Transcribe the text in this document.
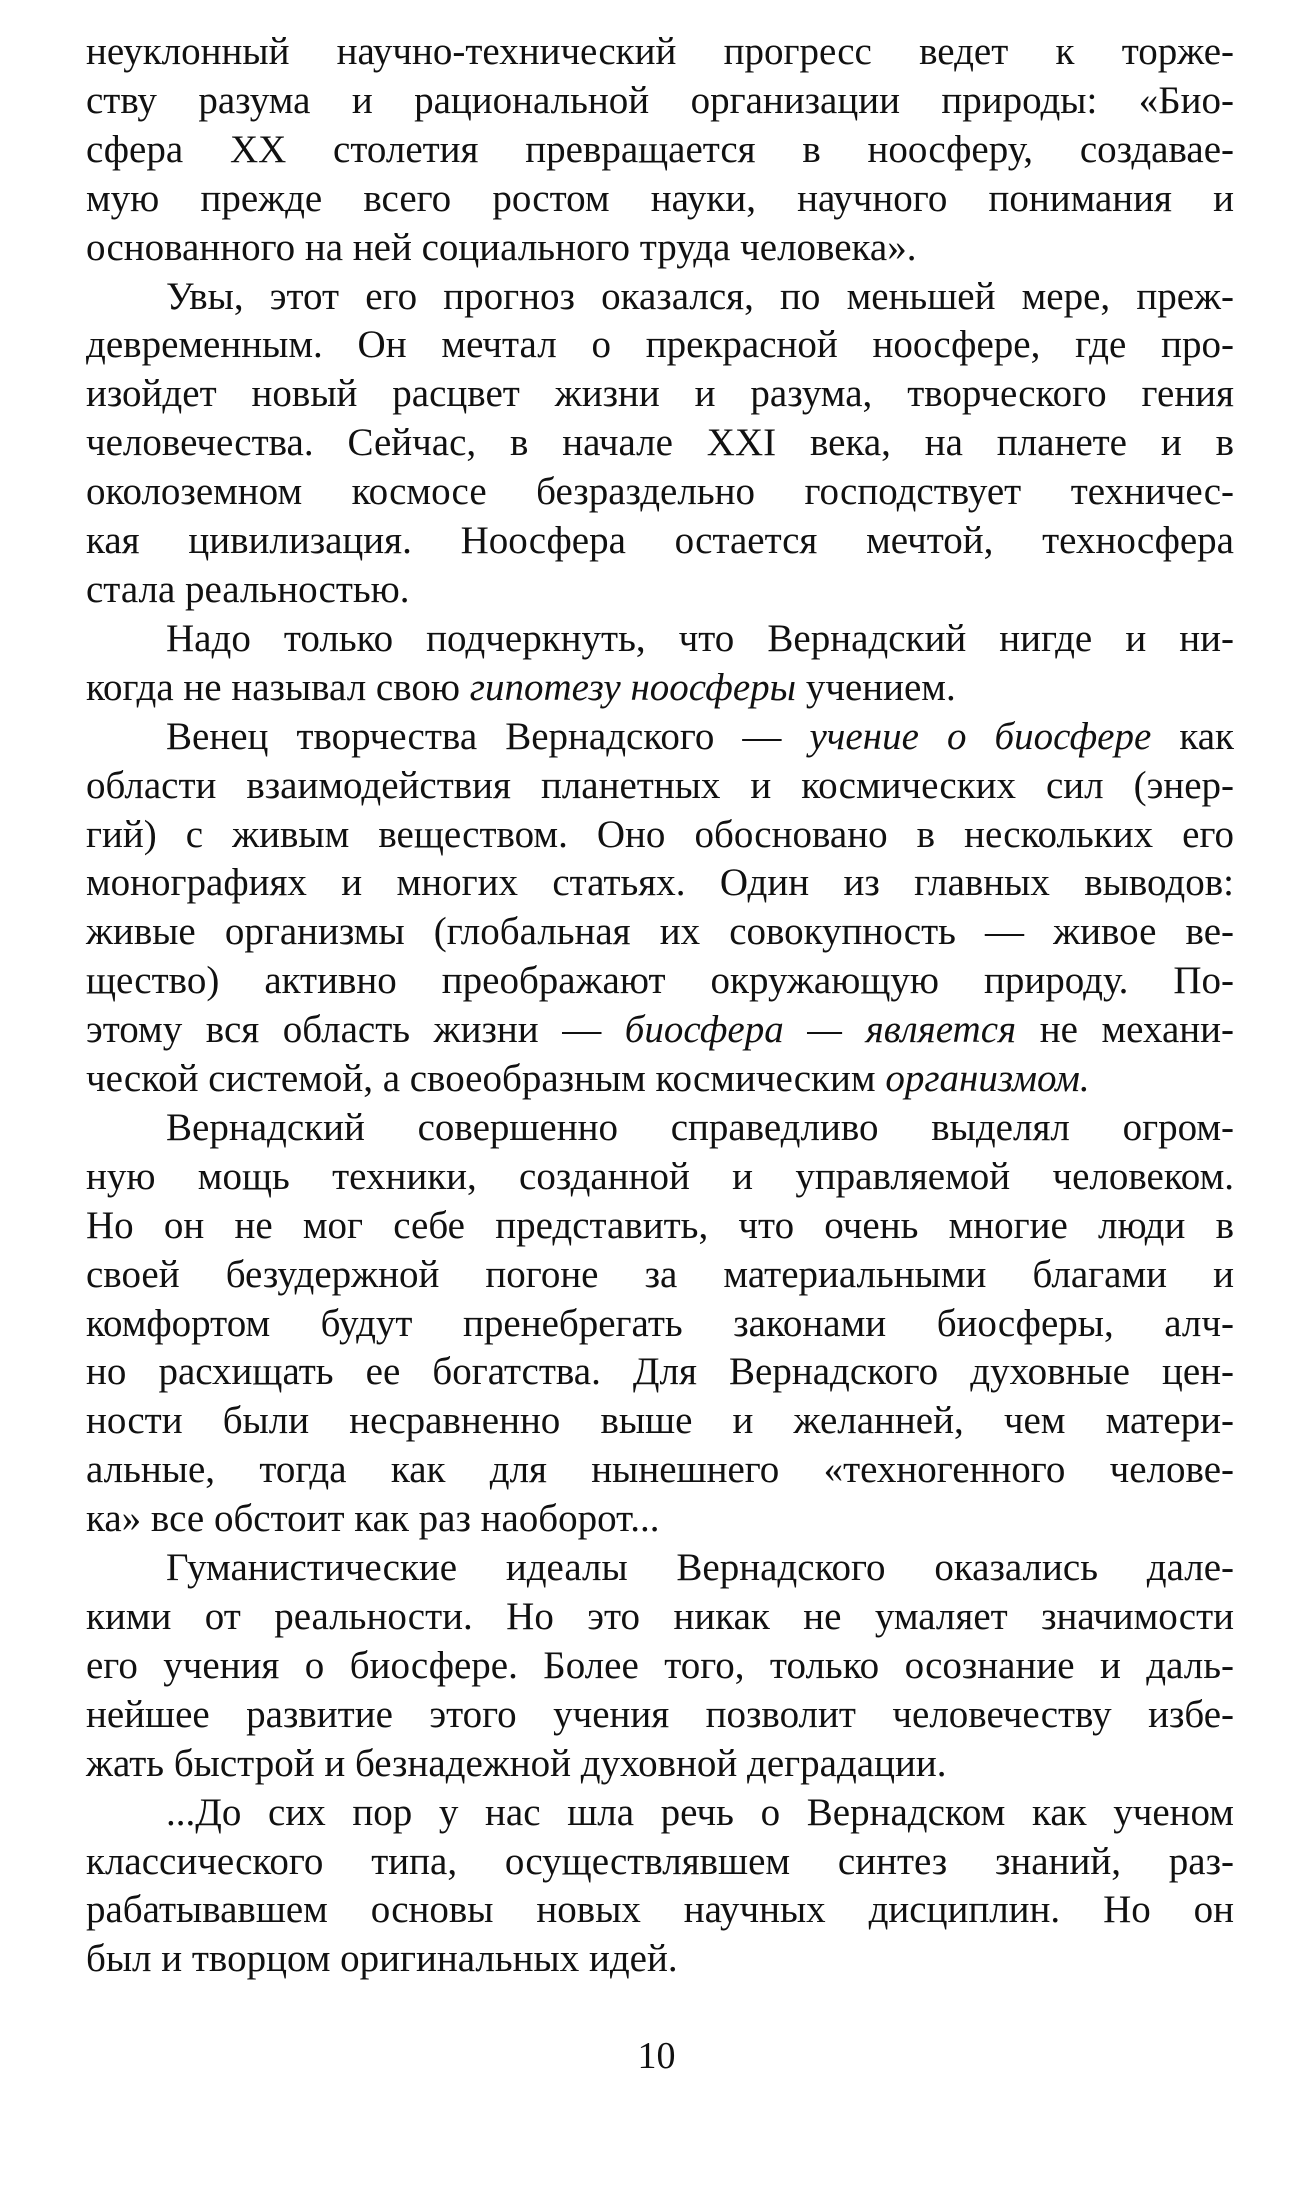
неуклонный научно-технический прогресс ведет к торже-
ству разума и рациональной организации природы: «Био-
сфера XX столетия превращается в ноосферу, создавае-
мую прежде всего ростом науки, научного понимания и
основанного на ней социального труда человека».

Увы, этот его прогноз оказался, по меньшей мере, преж-
девременным. Он мечтал о прекрасной ноосфере, где про-
изойдет новый расцвет жизни и разума, творческого гения
человечества. Сейчас, в начале XXI века, на планете и в
околоземном космосе безраздельно господствует техничес-
кая цивилизация. Ноосфера остается мечтой, техносфера
стала реальностью.

Надо только подчеркнуть, что Вернадский нигде и ни-
когда не называл свою гипотезу ноосферы учением.

Венец творчества Вернадского — учение о биосфере как
области взаимодействия планетных и космических сил (энер-
гий) с живым веществом. Оно обосновано в нескольких его
монографиях и многих статьях. Один из главных выводов:
живые организмы (глобальная их совокупность — живое ве-
щество) активно преображают окружающую природу. По-
этому вся область жизни — биосфера — является не механи-
ческой системой, а своеобразным космическим организмом.

Вернадский совершенно справедливо выделял огром-
ную мощь техники, созданной и управляемой человеком.
Но он не мог себе представить, что очень многие люди в
своей безудержной погоне за материальными благами и
комфортом будут пренебрегать законами биосферы, алч-
но расхищать ее богатства. Для Вернадского духовные цен-
ности были несравненно выше и желанней, чем матери-
альные, тогда как для нынешнего «техногенного челове-
ка» все обстоит как раз наоборот...

Гуманистические идеалы Вернадского оказались дале-
кими от реальности. Но это никак не умаляет значимости
его учения о биосфере. Более того, только осознание и даль-
нейшее развитие этого учения позволит человечеству избе-
жать быстрой и безнадежной духовной деградации.

...До сих пор у нас шла речь о Вернадском как ученом
классического типа, осуществлявшем синтез знаний, раз-
рабатывавшем основы новых научных дисциплин. Но он
был и творцом оригинальных идей.

10
